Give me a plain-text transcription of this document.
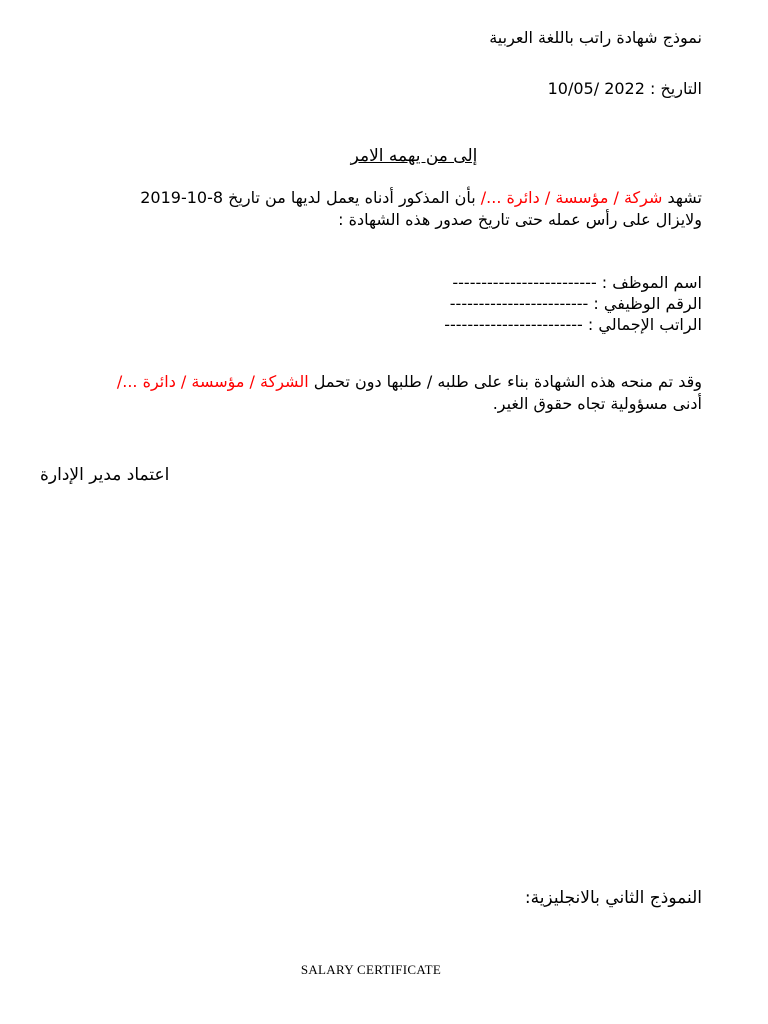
نموذج شهادة راتب باللغة العربية
التاريخ : 2022 /10/05
إلى من يهمه الامر
تشهد شركة / مؤسسة / دائرة .../ بأن المذكور أدناه يعمل لديها من تاريخ 8-10-2019
ولايزال على رأس عمله حتى تاريخ صدور هذه الشهادة :
اسم الموظف : -------------------------
الرقم الوظيفي : ------------------------
الراتب الإجمالي : ------------------------
وقد تم منحه هذه الشهادة بناء على طلبه / طلبها دون تحمل الشركة / مؤسسة / دائرة .../
أدنى مسؤولية تجاه حقوق الغير.
اعتماد مدير الإدارة
النموذج الثاني بالانجليزية:
SALARY CERTIFICATE
